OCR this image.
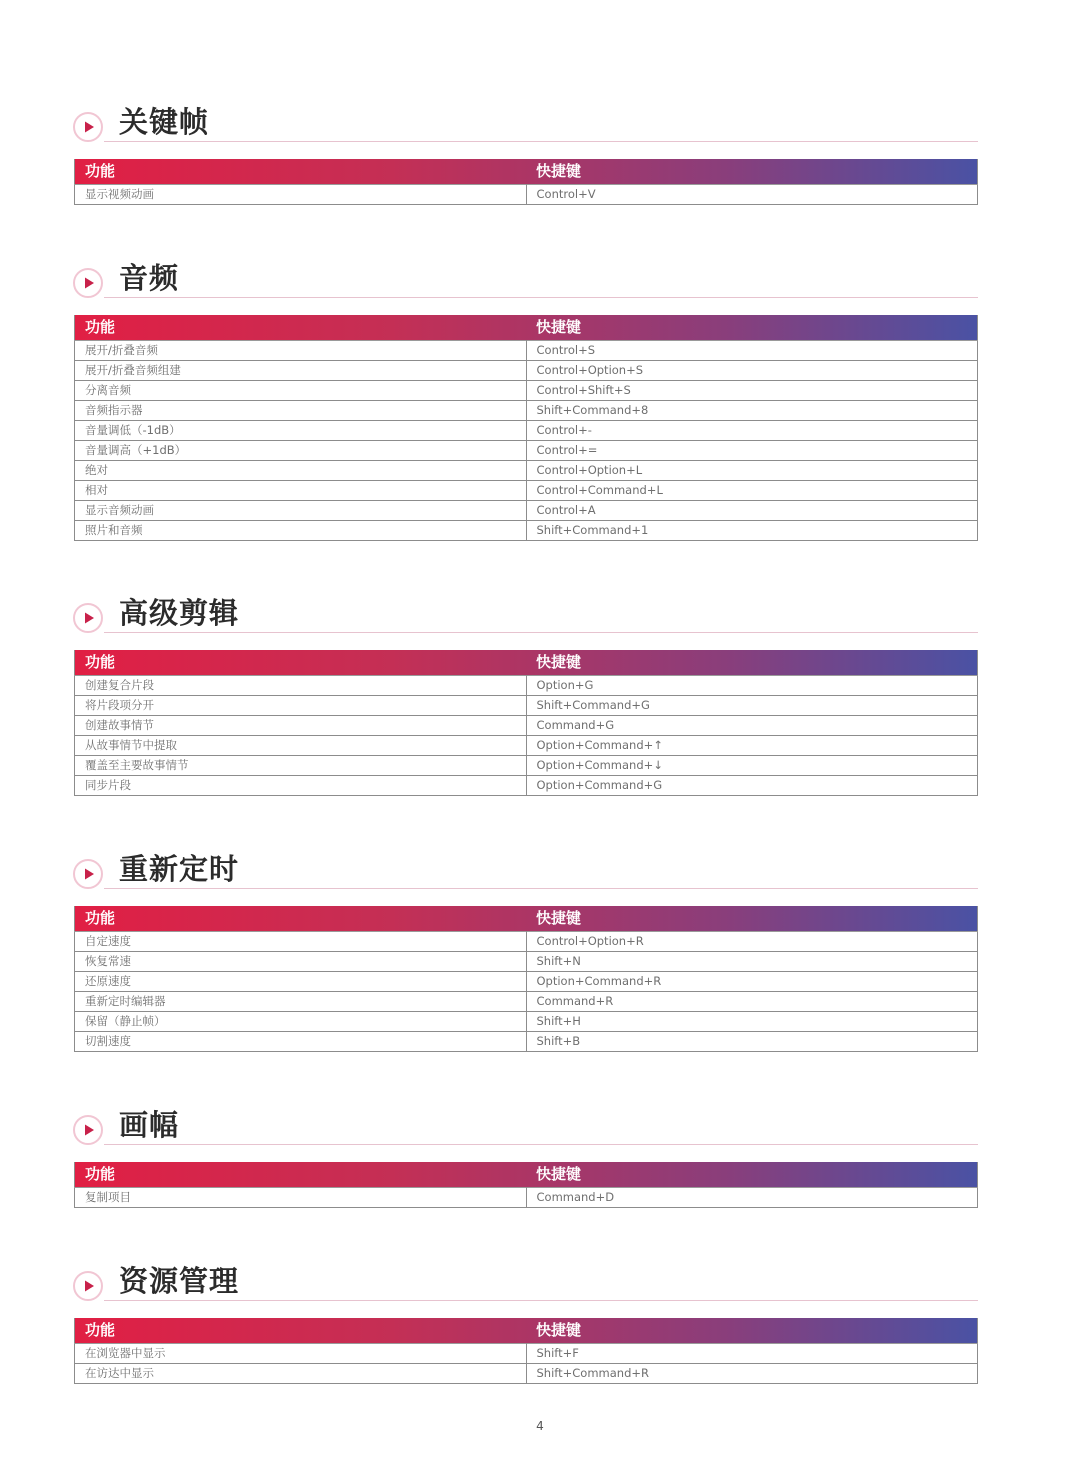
关键帧
功能	快捷键
显示视频动画	Control+V
音频
功能	快捷键
展开/折叠音频	Control+S
展开/折叠音频组建	Control+Option+S
分离音频	Control+Shift+S
音频指示器	Shift+Command+8
音量调低（-1dB）	Control+-
音量调高（+1dB）	Control+=
绝对	Control+Option+L
相对	Control+Command+L
显示音频动画	Control+A
照片和音频	Shift+Command+1
高级剪辑
功能	快捷键
创建复合片段	Option+G
将片段项分开	Shift+Command+G
创建故事情节	Command+G
从故事情节中提取	Option+Command+↑
覆盖至主要故事情节	Option+Command+↓
同步片段	Option+Command+G
重新定时
功能	快捷键
自定速度	Control+Option+R
恢复常速	Shift+N
还原速度	Option+Command+R
重新定时编辑器	Command+R
保留（静止帧）	Shift+H
切割速度	Shift+B
画幅
功能	快捷键
复制项目	Command+D
资源管理
功能	快捷键
在浏览器中显示	Shift+F
在访达中显示	Shift+Command+R
4
